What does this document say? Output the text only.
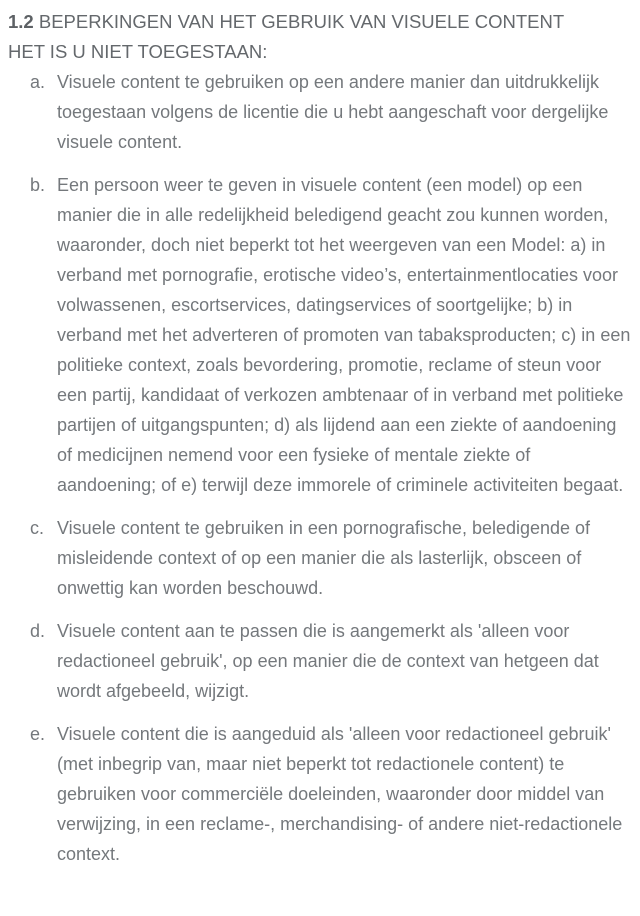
1.2 BEPERKINGEN VAN HET GEBRUIK VAN VISUELE CONTENT
HET IS U NIET TOEGESTAAN:
a. Visuele content te gebruiken op een andere manier dan uitdrukkelijk toegestaan volgens de licentie die u hebt aangeschaft voor dergelijke visuele content.
b. Een persoon weer te geven in visuele content (een model) op een manier die in alle redelijkheid beledigend geacht zou kunnen worden, waaronder, doch niet beperkt tot het weergeven van een Model: a) in verband met pornografie, erotische video’s, entertainmentlocaties voor volwassenen, escortservices, datingservices of soortgelijke; b) in verband met het adverteren of promoten van tabaksproducten; c) in een politieke context, zoals bevordering, promotie, reclame of steun voor een partij, kandidaat of verkozen ambtenaar of in verband met politieke partijen of uitgangspunten; d) als lijdend aan een ziekte of aandoening of medicijnen nemend voor een fysieke of mentale ziekte of aandoening; of e) terwijl deze immorele of criminele activiteiten begaat.
c. Visuele content te gebruiken in een pornografische, beledigende of misleidende context of op een manier die als lasterlijk, obsceen of onwettig kan worden beschouwd.
d. Visuele content aan te passen die is aangemerkt als 'alleen voor redactioneel gebruik', op een manier die de context van hetgeen dat wordt afgebeeld, wijzigt.
e. Visuele content die is aangeduid als 'alleen voor redactioneel gebruik' (met inbegrip van, maar niet beperkt tot redactionele content) te gebruiken voor commerciële doeleinden, waaronder door middel van verwijzing, in een reclame-, merchandising- of andere niet-redactionele context.
